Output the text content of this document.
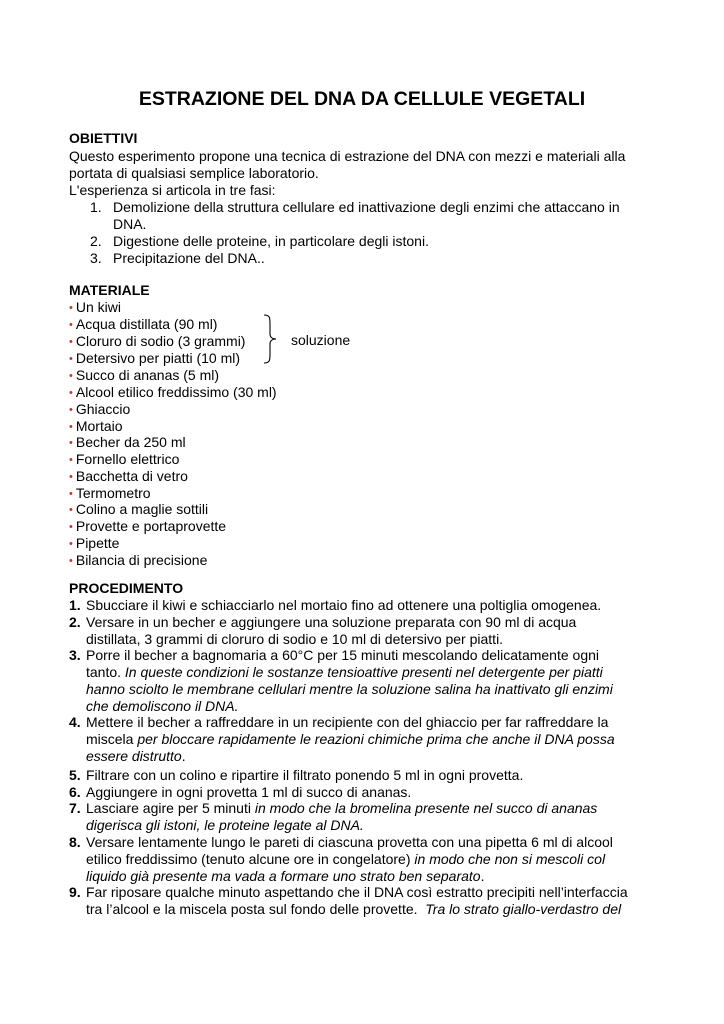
ESTRAZIONE DEL DNA DA CELLULE VEGETALI
OBIETTIVI
Questo esperimento propone una tecnica di estrazione del DNA con mezzi e materiali alla
portata di qualsiasi semplice laboratorio.
L'esperienza si articola in tre fasi:
1. Demolizione della struttura cellulare ed inattivazione degli enzimi che attaccano in
DNA.
2. Digestione delle proteine, in particolare degli istoni.
3. Precipitazione del DNA..
MATERIALE
• Un kiwi
• Acqua distillata (90 ml)
• Cloruro di sodio (3 grammi)
• Detersivo per piatti (10 ml)
• Succo di ananas (5 ml)
• Alcool etilico freddissimo (30 ml)
• Ghiaccio
• Mortaio
• Becher da 250 ml
• Fornello elettrico
• Bacchetta di vetro
• Termometro
• Colino a maglie sottili
• Provette e portaprovette
• Pipette
• Bilancia di precisione
soluzione
PROCEDIMENTO
1. Sbucciare il kiwi e schiacciarlo nel mortaio fino ad ottenere una poltiglia omogenea.
2. Versare in un becher e aggiungere una soluzione preparata con 90 ml di acqua
distillata, 3 grammi di cloruro di sodio e 10 ml di detersivo per piatti.
3. Porre il becher a bagnomaria a 60°C per 15 minuti mescolando delicatamente ogni
tanto. In queste condizioni le sostanze tensioattive presenti nel detergente per piatti
hanno sciolto le membrane cellulari mentre la soluzione salina ha inattivato gli enzimi
che demoliscono il DNA.
4. Mettere il becher a raffreddare in un recipiente con del ghiaccio per far raffreddare la
miscela per bloccare rapidamente le reazioni chimiche prima che anche il DNA possa
essere distrutto.
5. Filtrare con un colino e ripartire il filtrato ponendo 5 ml in ogni provetta.
6. Aggiungere in ogni provetta 1 ml di succo di ananas.
7. Lasciare agire per 5 minuti in modo che la bromelina presente nel succo di ananas
digerisca gli istoni, le proteine legate al DNA.
8. Versare lentamente lungo le pareti di ciascuna provetta con una pipetta 6 ml di alcool
etilico freddissimo (tenuto alcune ore in congelatore) in modo che non si mescoli col
liquido già presente ma vada a formare uno strato ben separato.
9. Far riposare qualche minuto aspettando che il DNA così estratto precipiti nell’interfaccia
tra l’alcool e la miscela posta sul fondo delle provette.  Tra lo strato giallo-verdastro del
